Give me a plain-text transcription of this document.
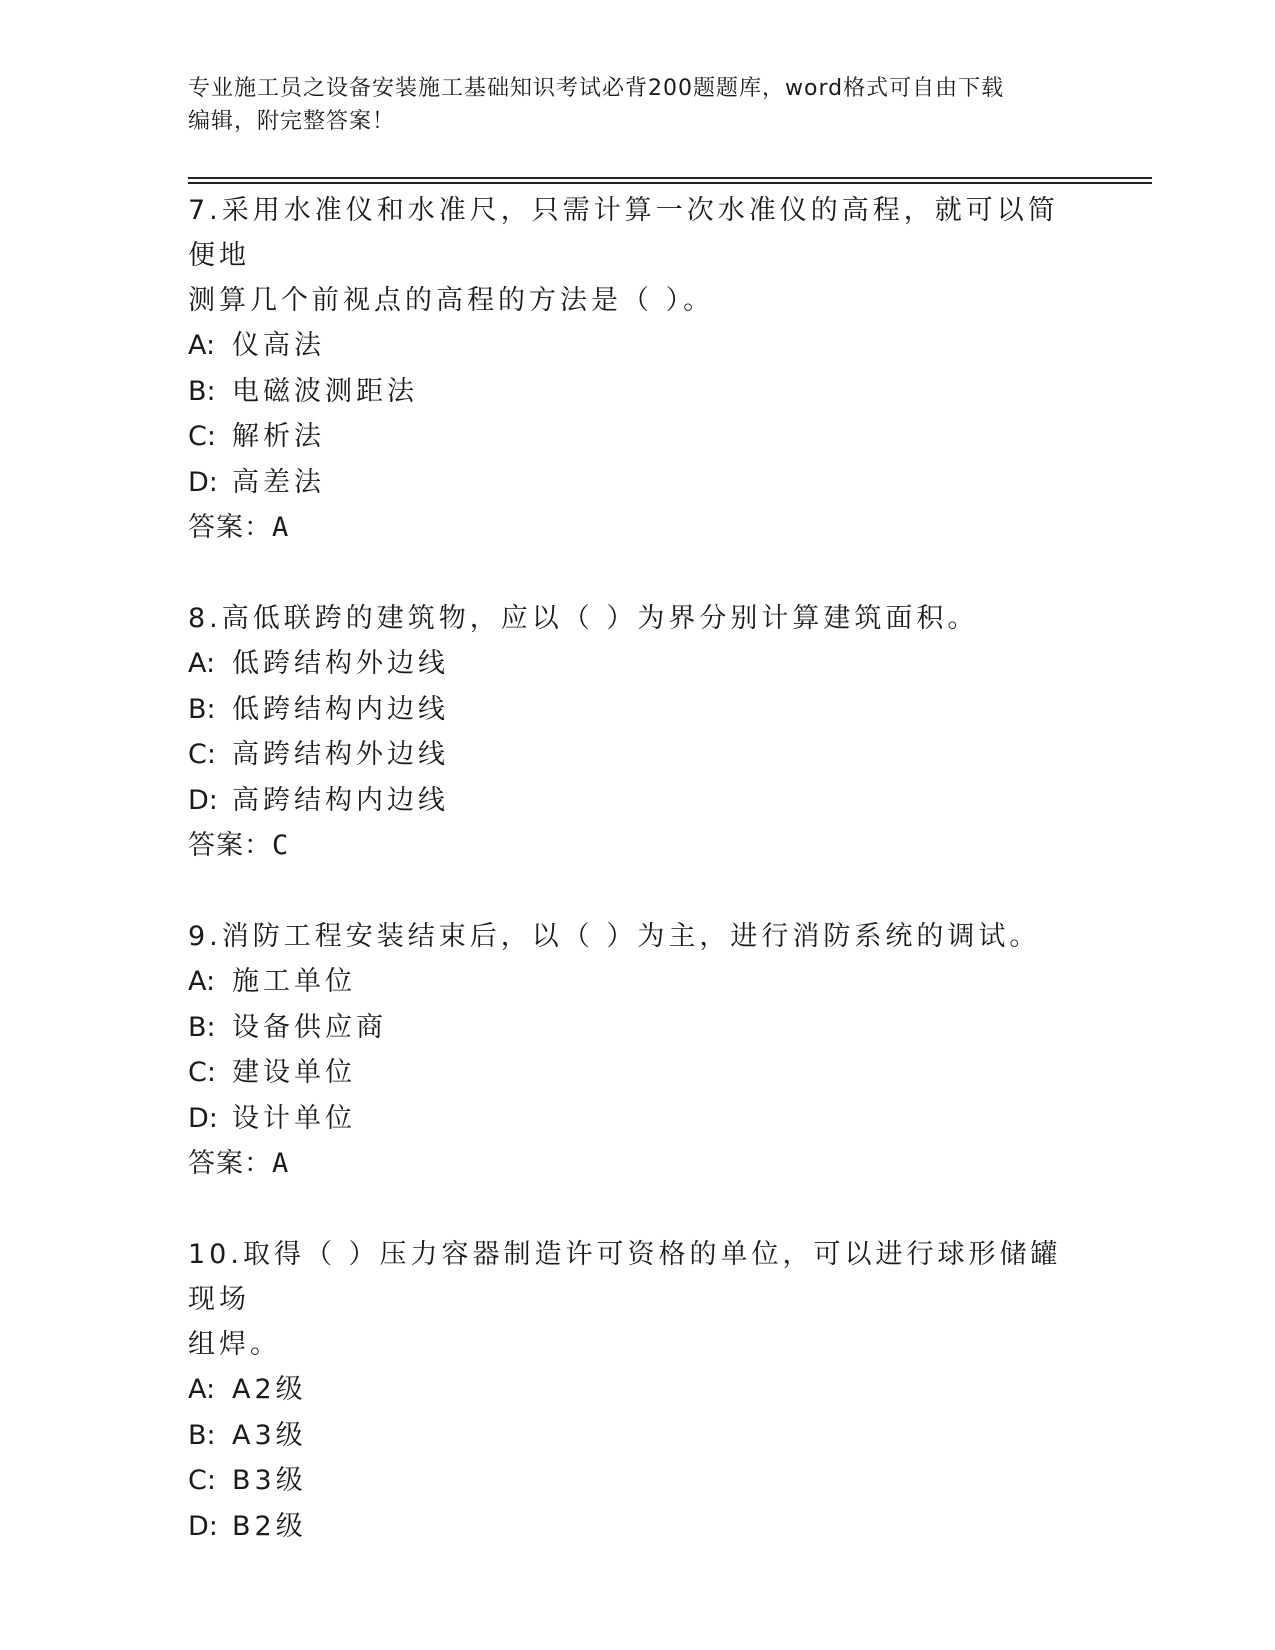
专业施工员之设备安装施工基础知识考试必背200题题库，word格式可自由下载
编辑，附完整答案！
7.采用水准仪和水准尺，只需计算一次水准仪的高程，就可以简便地
测算几个前视点的高程的方法是（ ）。
A: 仪高法
B: 电磁波测距法
C: 解析法
D: 高差法
答案：A
8.高低联跨的建筑物，应以（ ）为界分别计算建筑面积。
A: 低跨结构外边线
B: 低跨结构内边线
C: 高跨结构外边线
D: 高跨结构内边线
答案：C
9.消防工程安装结束后，以（ ）为主，进行消防系统的调试。
A: 施工单位
B: 设备供应商
C: 建设单位
D: 设计单位
答案：A
10.取得（ ）压力容器制造许可资格的单位，可以进行球形储罐现场
组焊。
A: A2级
B: A3级
C: B3级
D: B2级
